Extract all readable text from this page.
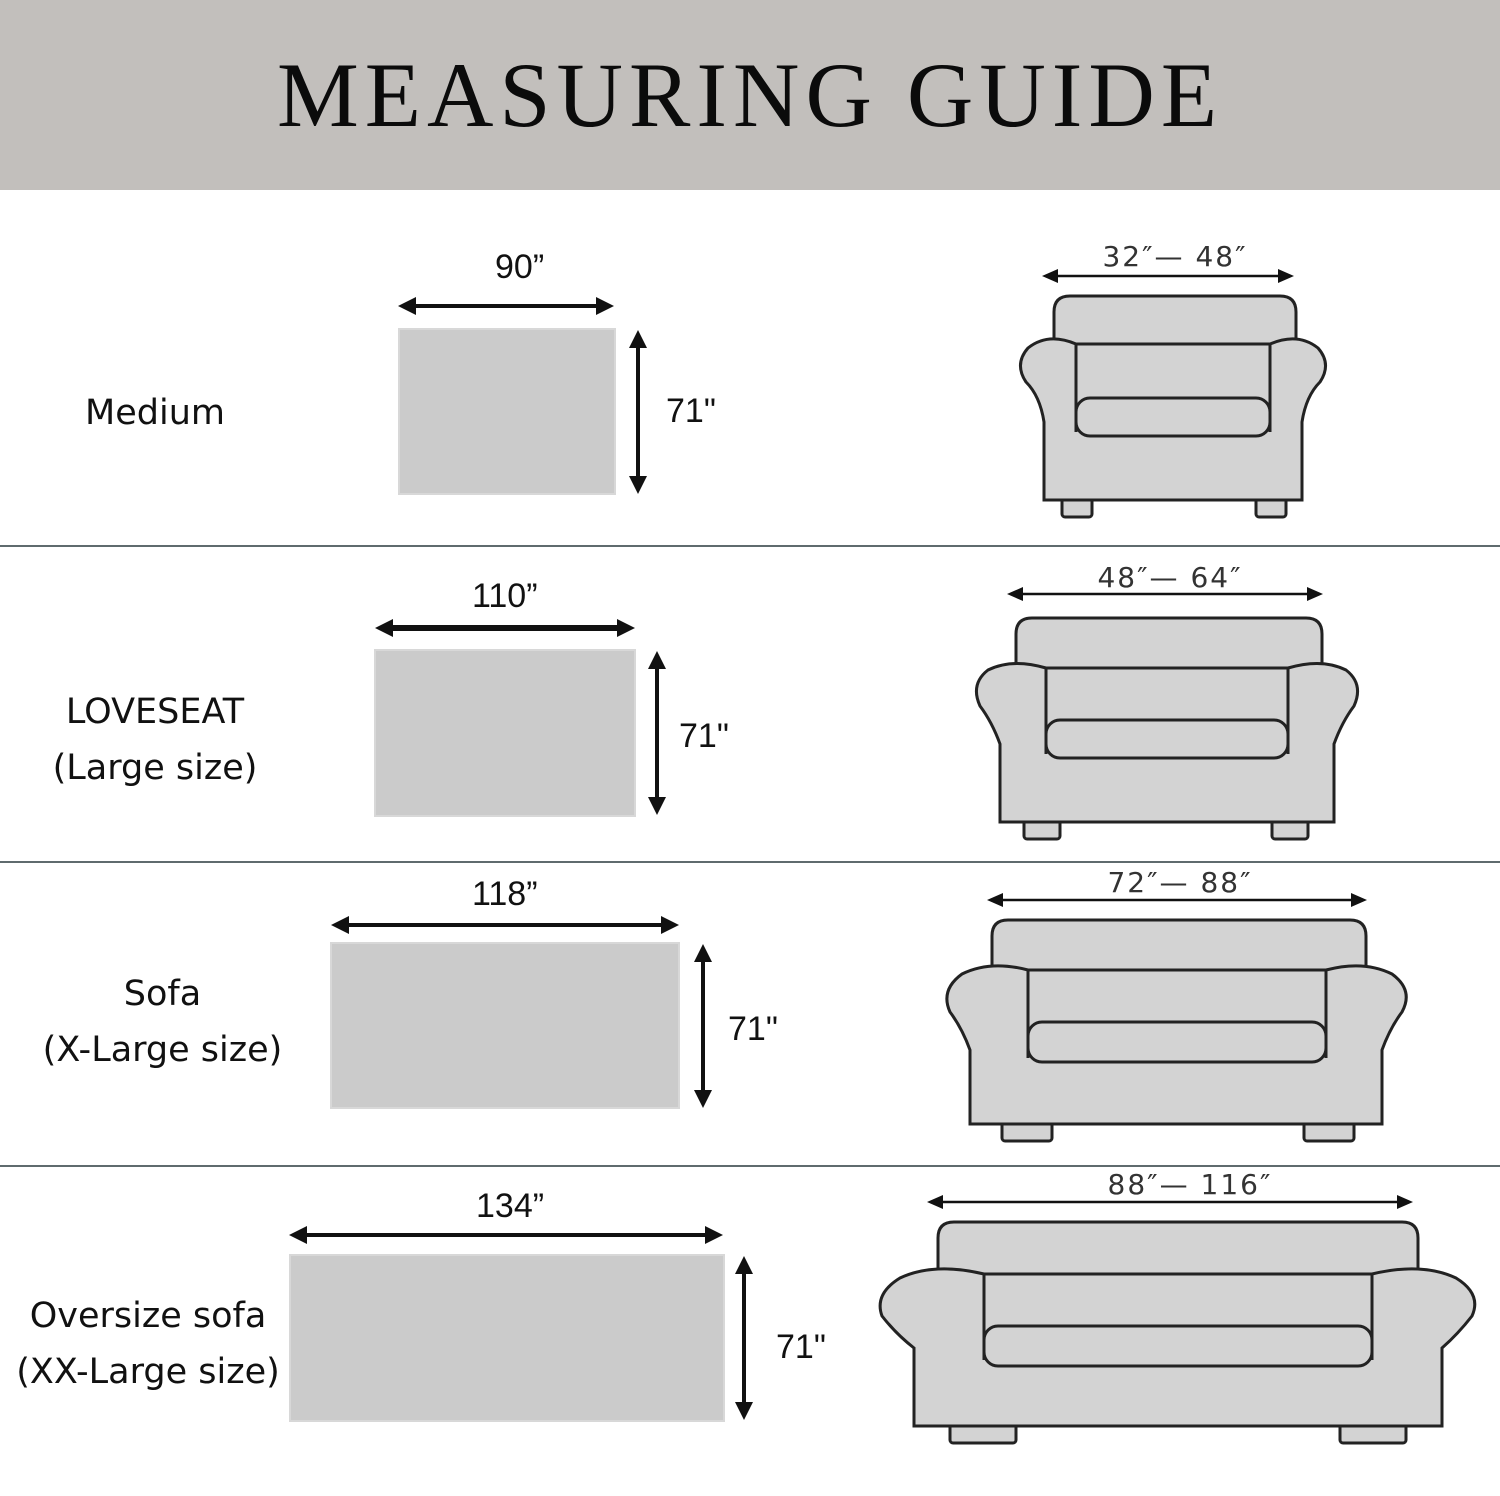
MEASURING GUIDE
Medium
90”
71"
32″— 48″
LOVESEAT
(Large size)
110”
71"
48″— 64″
Sofa
(X-Large size)
118”
71"
72″— 88″
Oversize sofa
(XX-Large size)
134”
71"
88″— 116″
